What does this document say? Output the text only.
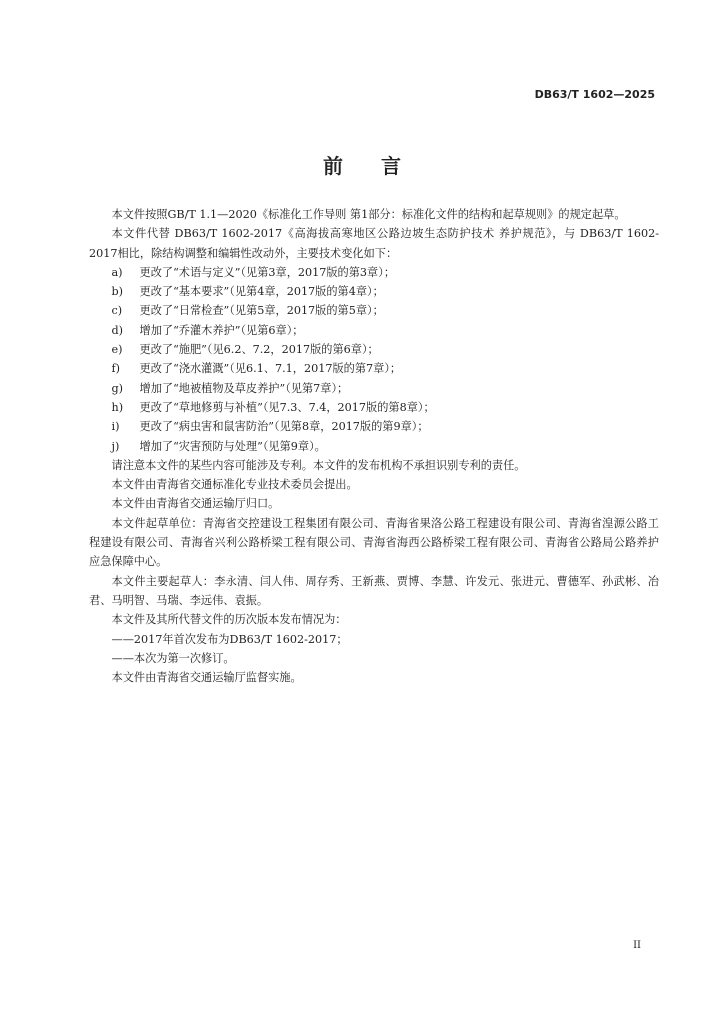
DB63/T 1602—2025
前言

本文件按照GB/T 1.1—2020《标准化工作导则 第1部分：标准化文件的结构和起草规则》的规定起草。

本文件代替 DB63/T 1602-2017《高海拔高寒地区公路边坡生态防护技术 养护规范》，与 DB63/T 1602-2017相比，除结构调整和编辑性改动外，主要技术变化如下：

a) 更改了“术语与定义”（见第3章，2017版的第3章）；
b) 更改了“基本要求”（见第4章，2017版的第4章）；
c) 更改了“日常检查”（见第5章，2017版的第5章）；
d) 增加了“乔灌木养护”（见第6章）；
e) 更改了“施肥”（见6.2、7.2，2017版的第6章）；
f) 更改了“浇水灌溉”（见6.1、7.1，2017版的第7章）；
g) 增加了“地被植物及草皮养护”（见第7章）；
h) 更改了“草地修剪与补植”（见7.3、7.4，2017版的第8章）；
i) 更改了“病虫害和鼠害防治”（见第8章，2017版的第9章）；
j) 增加了“灾害预防与处理”（见第9章）。

请注意本文件的某些内容可能涉及专利。本文件的发布机构不承担识别专利的责任。

本文件由青海省交通标准化专业技术委员会提出。

本文件由青海省交通运输厅归口。

本文件起草单位：青海省交控建设工程集团有限公司、青海省果洛公路工程建设有限公司、青海省湟源公路工程建设有限公司、青海省兴利公路桥梁工程有限公司、青海省海西公路桥梁工程有限公司、青海省公路局公路养护应急保障中心。

本文件主要起草人：李永清、闫人伟、周存秀、王新燕、贾博、李慧、许发元、张进元、曹德军、孙武彬、冶君、马明智、马瑞、李远伟、袁振。

本文件及其所代替文件的历次版本发布情况为：

——2017年首次发布为DB63/T 1602-2017；

——本次为第一次修订。

本文件由青海省交通运输厅监督实施。

II
